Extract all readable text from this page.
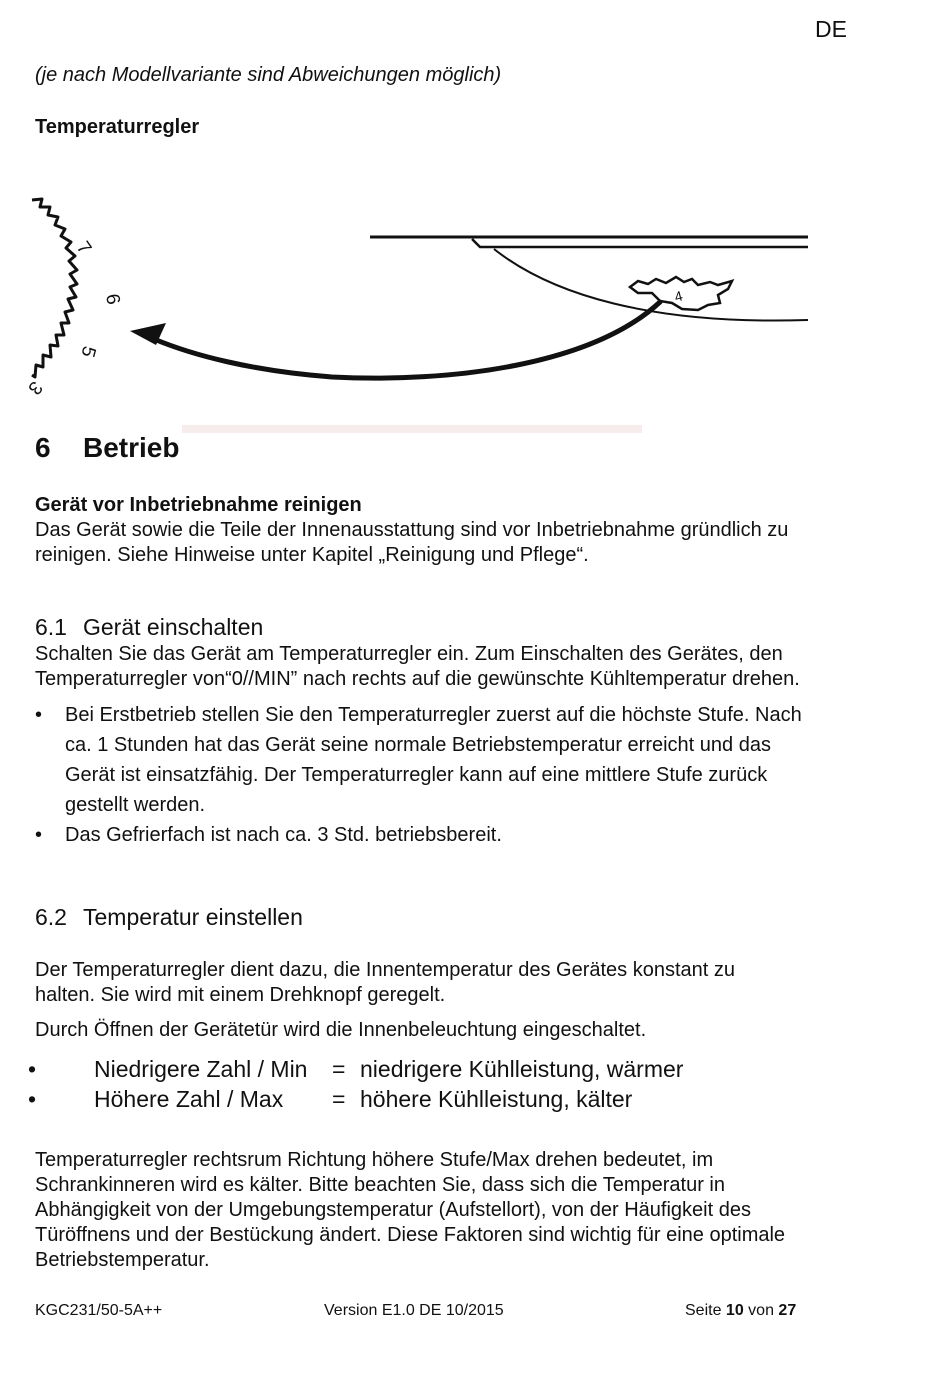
DE
(je nach Modellvariante sind Abweichungen möglich)
Temperaturregler
7
6
5
3
4
6 Betrieb
Gerät vor Inbetriebnahme reinigen
Das Gerät sowie die Teile der Innenausstattung sind vor Inbetriebnahme gründlich zu
reinigen. Siehe Hinweise unter Kapitel „Reinigung und Pflege“.
6.1 Gerät einschalten
Schalten Sie das Gerät am Temperaturregler ein. Zum Einschalten des Gerätes, den
Temperaturregler von“0//MIN” nach rechts auf die gewünschte Kühltemperatur drehen.
• Bei Erstbetrieb stellen Sie den Temperaturregler zuerst auf die höchste Stufe. Nach
ca. 1 Stunden hat das Gerät seine normale Betriebstemperatur erreicht und das
Gerät ist einsatzfähig. Der Temperaturregler kann auf eine mittlere Stufe zurück
gestellt werden.
• Das Gefrierfach ist nach ca. 3 Std. betriebsbereit.
6.2 Temperatur einstellen
Der Temperaturregler dient dazu, die Innentemperatur des Gerätes konstant zu
halten. Sie wird mit einem Drehknopf geregelt.
Durch Öffnen der Gerätetür wird die Innenbeleuchtung eingeschaltet.
•	Niedrigere Zahl / Min	= niedrigere Kühlleistung, wärmer
•	Höhere Zahl / Max	= höhere Kühlleistung, kälter
Temperaturregler rechtsrum Richtung höhere Stufe/Max drehen bedeutet, im
Schrankinneren wird es kälter. Bitte beachten Sie, dass sich die Temperatur in
Abhängigkeit von der Umgebungstemperatur (Aufstellort), von der Häufigkeit des
Türöffnens und der Bestückung ändert. Diese Faktoren sind wichtig für eine optimale
Betriebstemperatur.
KGC231/50-5A++	Version E1.0 DE 10/2015	Seite 10 von 27
